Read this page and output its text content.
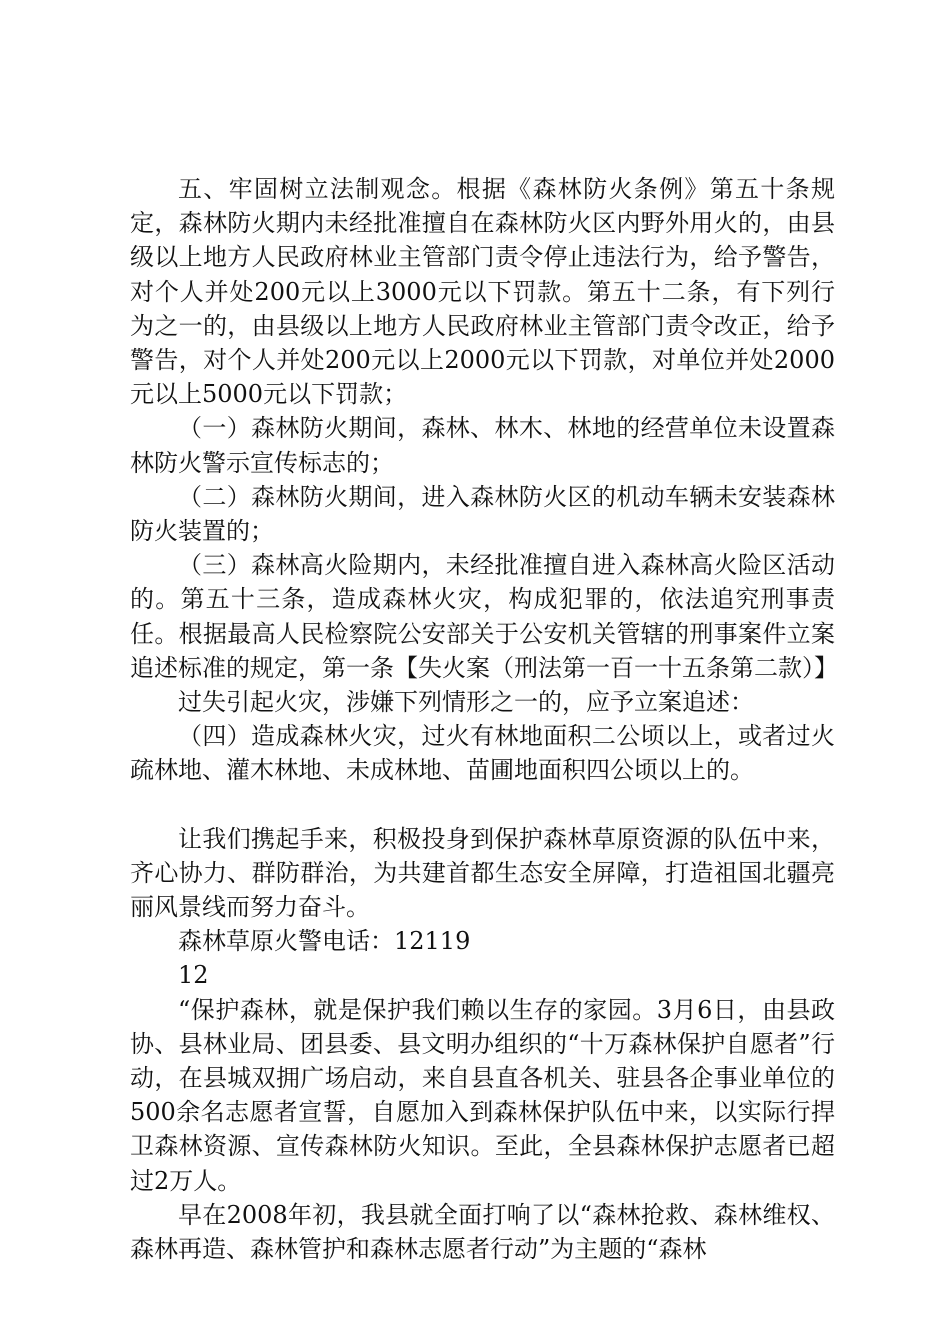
五、牢固树立法制观念。根据《森林防火条例》第五十条规定，森林防火期内未经批准擅自在森林防火区内野外用火的，由县级以上地方人民政府林业主管部门责令停止违法行为，给予警告，对个人并处200元以上3000元以下罚款。第五十二条，有下列行为之一的，由县级以上地方人民政府林业主管部门责令改正，给予警告，对个人并处200元以上2000元以下罚款，对单位并处2000元以上5000元以下罚款；

（一）森林防火期间，森林、林木、林地的经营单位未设置森林防火警示宣传标志的；

（二）森林防火期间，进入森林防火区的机动车辆未安装森林防火装置的；

（三）森林高火险期内，未经批准擅自进入森林高火险区活动的。第五十三条，造成森林火灾，构成犯罪的，依法追究刑事责任。根据最高人民检察院公安部关于公安机关管辖的刑事案件立案追述标准的规定，第一条【失火案（刑法第一百一十五条第二款）】

过失引起火灾，涉嫌下列情形之一的，应予立案追述：

（四）造成森林火灾，过火有林地面积二公顷以上，或者过火疏林地、灌木林地、未成林地、苗圃地面积四公顷以上的。

让我们携起手来，积极投身到保护森林草原资源的队伍中来，齐心协力、群防群治，为共建首都生态安全屏障，打造祖国北疆亮丽风景线而努力奋斗。

森林草原火警电话：12119

12

“保护森林，就是保护我们赖以生存的家园。3月6日，由县政协、县林业局、团县委、县文明办组织的“十万森林保护自愿者”行动，在县城双拥广场启动，来自县直各机关、驻县各企事业单位的500余名志愿者宣誓，自愿加入到森林保护队伍中来，以实际行捍卫森林资源、宣传森林防火知识。至此，全县森林保护志愿者已超过2万人。

早在2008年初，我县就全面打响了以“森林抢救、森林维权、森林再造、森林管护和森林志愿者行动”为主题的“森林
